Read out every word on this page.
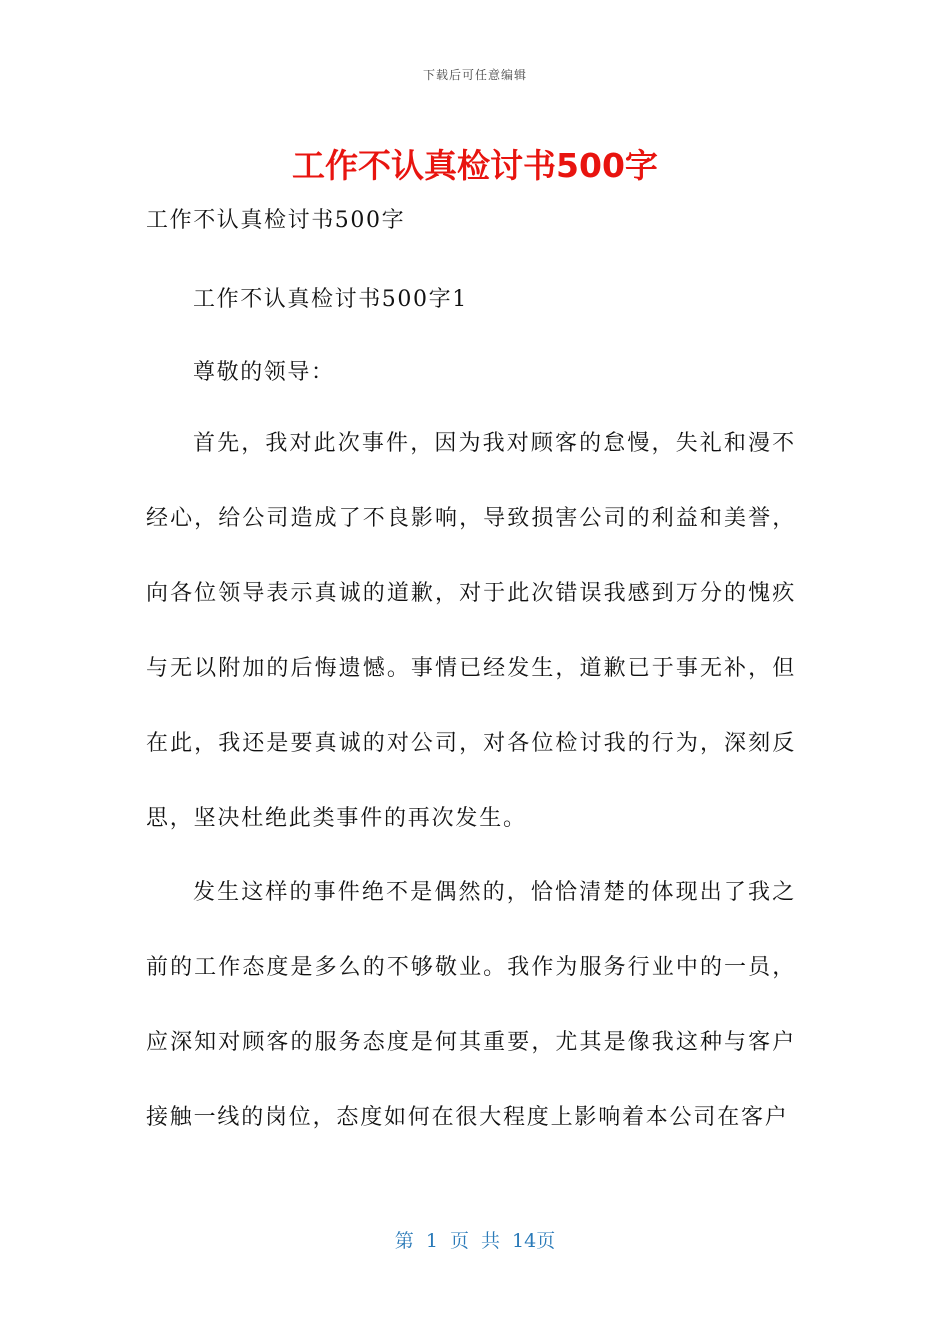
下载后可任意编辑
工作不认真检讨书500字
工作不认真检讨书500字
工作不认真检讨书500字1
尊敬的领导：
首先，我对此次事件，因为我对顾客的怠慢，失礼和漫不经心，给公司造成了不良影响，导致损害公司的利益和美誉，向各位领导表示真诚的道歉，对于此次错误我感到万分的愧疚与无以附加的后悔遗憾。事情已经发生，道歉已于事无补，但在此，我还是要真诚的对公司，对各位检讨我的行为，深刻反思，坚决杜绝此类事件的再次发生。
发生这样的事件绝不是偶然的，恰恰清楚的体现出了我之前的工作态度是多么的不够敬业。我作为服务行业中的一员，应深知对顾客的服务态度是何其重要，尤其是像我这种与客户接触一线的岗位，态度如何在很大程度上影响着本公司在客户
第 1 页 共 14页
